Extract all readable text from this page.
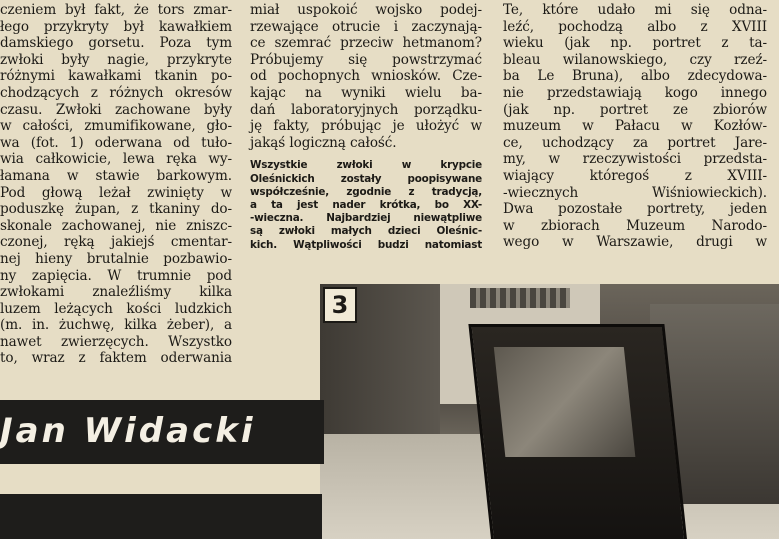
czeniem był fakt, że tors zmar-

łego przykryty był kawałkiem

damskiego gorsetu. Poza tym

zwłoki były nagie, przykryte

różnymi kawałkami tkanin po-

chodzących z różnych okresów

czasu. Zwłoki zachowane były

w całości, zmumifikowane, gło-

wa (fot. 1) oderwana od tuło-

wia całkowicie, lewa ręka wy-

łamana w stawie barkowym.

Pod głową leżał zwinięty w

poduszkę żupan, z tkaniny do-

skonale zachowanej, nie zniszc-

czonej, ręką jakiejś cmentar-

nej hieny brutalnie pozbawio-

ny zapięcia. W trumnie pod

zwłokami znaleźliśmy kilka

luzem leżących kości ludzkich

(m. in. żuchwę, kilka żeber), a

nawet zwierzęcych. Wszystko

to, wraz z faktem oderwania

miał uspokoić wojsko podej-

rzewające otrucie i zaczynają-

ce szemrać przeciw hetmanom?

Próbujemy się powstrzymać

od pochopnych wniosków. Cze-

kając na wyniki wielu ba-

dań laboratoryjnych porządku-

ję fakty, próbując je ułożyć w

jakąś logiczną całość.

Wszystkie zwłoki w krypcie

Oleśnickich zostały poopisywane

współcześnie, zgodnie z tradycją,

a ta jest nader krótka, bo XX-

-wieczna. Najbardziej niewątpliwe

są zwłoki małych dzieci Oleśnic-

kich. Wątpliwości budzi natomiast

Te, które udało mi się odna-

leźć, pochodzą albo z XVIII

wieku (jak np. portret z ta-

bleau wilanowskiego, czy rzeź-

ba Le Bruna), albo zdecydowa-

nie przedstawiają kogo innego

(jak np. portret ze zbiorów

muzeum w Pałacu w Kozłów-

ce, uchodzący za portret Jare-

my, w rzeczywistości przedsta-

wiający któregoś z XVIII-

-wiecznych Wiśniowieckich).

Dwa pozostałe portrety, jeden

w zbiorach Muzeum Narodo-

wego w Warszawie, drugi w

3
Jan Widacki
